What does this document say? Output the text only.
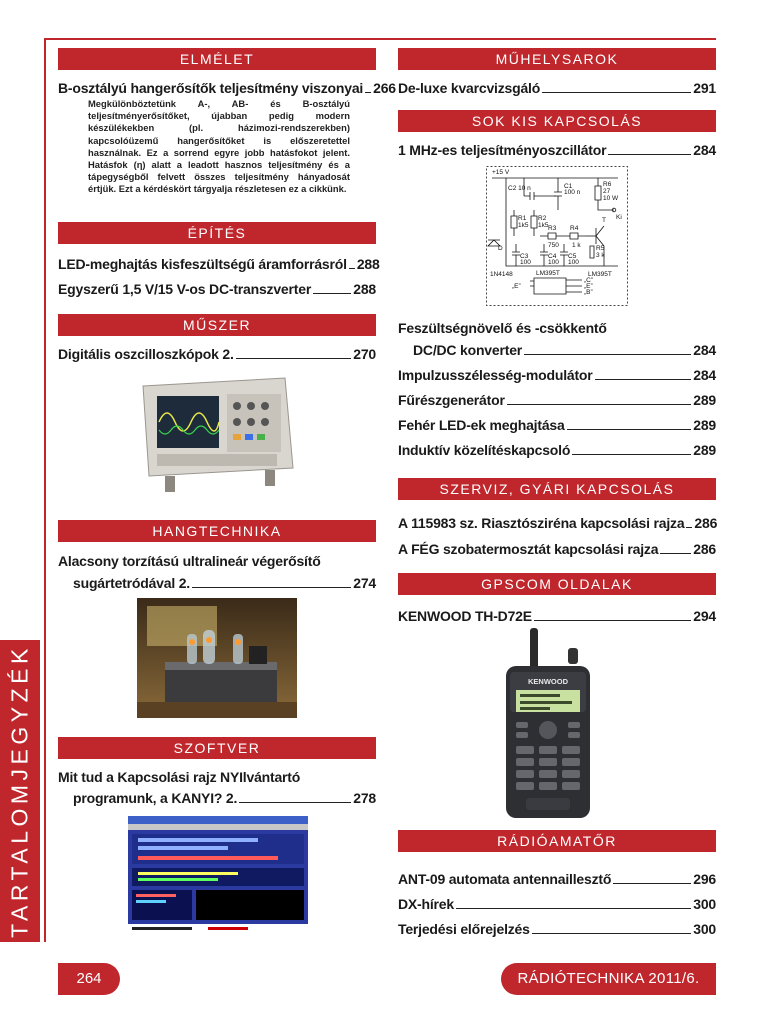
TARTALOMJEGYZÉK
ELMÉLET
B-osztályú hangerősítők teljesítmény viszonyai 266
Megkülönböztetünk A-, AB- és B-osztályú teljesítményerősítőket, újabban pedig modern készülékekben (pl. házimozi-rendszerekben) kapcsolóüzemű hangerősítőket is előszeretettel használnak. Ez a sorrend egyre jobb hatásfokot jelent. Hatásfok (η) alatt a leadott hasznos teljesítmény és a tápegységből felvett összes teljesítmény hányadosát értjük. Ezt a kérdéskört tárgyalja részletesen ez a cikkünk.
ÉPÍTÉS
LED-meghajtás kisfeszültségű áramforrásról 288
Egyszerű 1,5 V/15 V-os DC-transzverter	288
MŰSZER
Digitális oszcilloszkópok 2.	270
HANGTECHNIKA
Alacsony torzítású ultralineár végerősítő
sugártetródával 2.	274
SZOFTVER
Mit tud a Kapcsolási rajz NYIlvántartó
programunk, a KANYI? 2.	278
MŰHELYSAROK
De-luxe kvarcvizsgáló	291
SOK KIS KAPCSOLÁS
1 MHz-es teljesítményoszcillátor	284
+15 V
C2 10 n	C1
100 n
R6
27
10 W
Ki
R1
1k5
R2
1k5 R3
750
R4
1 k
T
R5
3 k
D
C3
100
C4
100
C5
100
1N4148	LM395T
LM395T
„E”
„C”
„E”
„B”
Feszültségnövelő és -csökkentő
DC/DC konverter	284
Impulzusszélesség-modulátor	284
Fűrészgenerátor	289
Fehér LED-ek meghajtása	289
Induktív közelítéskapcsoló	289
SZERVIZ, GYÁRI KAPCSOLÁS
A 115983 sz. Riasztósziréna kapcsolási rajza 286
A FÉG szobatermosztát kapcsolási rajza 286
GPSCOM OLDALAK
KENWOOD TH-D72E	294
KENWOOD
RÁDIÓAMATŐR
ANT-09 automata antennaillesztő	296
DX-hírek	300
Terjedési előrejelzés	300
264	RÁDIÓTECHNIKA 2011/6.
